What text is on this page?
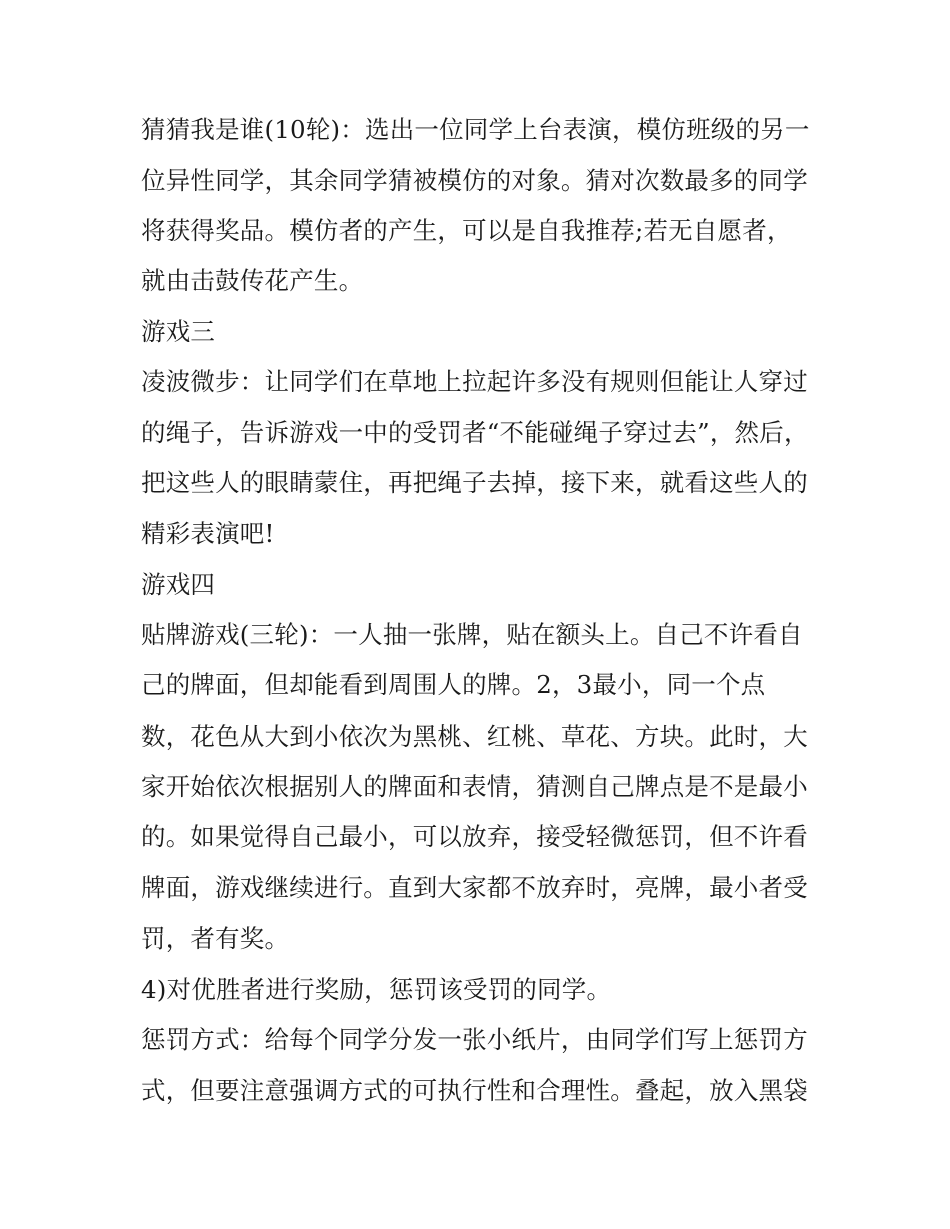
猜猜我是谁(10轮)：选出一位同学上台表演，模仿班级的另一
位异性同学，其余同学猜被模仿的对象。猜对次数最多的同学
将获得奖品。模仿者的产生，可以是自我推荐;若无自愿者，
就由击鼓传花产生。
游戏三
凌波微步：让同学们在草地上拉起许多没有规则但能让人穿过
的绳子，告诉游戏一中的受罚者“不能碰绳子穿过去”，然后，
把这些人的眼睛蒙住，再把绳子去掉，接下来，就看这些人的
精彩表演吧!
游戏四
贴牌游戏(三轮)：一人抽一张牌，贴在额头上。自己不许看自
己的牌面，但却能看到周围人的牌。2，3最小，同一个点
数，花色从大到小依次为黑桃、红桃、草花、方块。此时，大
家开始依次根据别人的牌面和表情，猜测自己牌点是不是最小
的。如果觉得自己最小，可以放弃，接受轻微惩罚，但不许看
牌面，游戏继续进行。直到大家都不放弃时，亮牌，最小者受
罚，者有奖。
4)对优胜者进行奖励，惩罚该受罚的同学。
惩罚方式：给每个同学分发一张小纸片，由同学们写上惩罚方
式，但要注意强调方式的可执行性和合理性。叠起，放入黑袋
